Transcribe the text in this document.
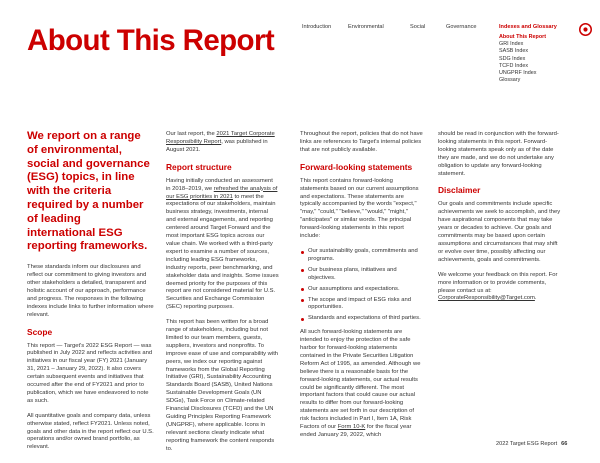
About This Report	Introduction	Environmental	Social	Governance	Indexes and Glossary
About This Report
GRI Index
SASB Index
SDG Index
TCFD Index
UNGPRF Index
Glossary
We report on a range of environmental, social and governance (ESG) topics, in line with the criteria required by a number of leading international ESG reporting frameworks.

These standards inform our disclosures and reflect our commitment to giving investors and other stakeholders a detailed, transparent and holistic account of our approach, performance and progress. The responses in the following indexes include links to further information where relevant.

Scope

This report — Target's 2022 ESG Report — was published in July 2022 and reflects activities and initiatives in our fiscal year (FY) 2021 (January 31, 2021 – January 29, 2022). It also covers certain subsequent events and initiatives that occurred after the end of FY2021 and prior to publication, which we have endeavored to note as such.

All quantitative goals and company data, unless otherwise stated, reflect FY2021. Unless noted, goals and other data in the report reflect our U.S. operations and/or owned brand portfolio, as relevant.

Our last report, the 2021 Target Corporate Responsibility Report, was published in August 2021.

Report structure

Having initially conducted an assessment in 2018–2019, we refreshed the analysis of our ESG priorities in 2021 to meet the expectations of our stakeholders, maintain business strategy, investments, internal and external engagements, and reporting centered around Target Forward and the most important ESG topics across our value chain. We worked with a third-party expert to examine a number of sources, including leading ESG frameworks, industry reports, peer benchmarking, and stakeholder data and insights. Some issues deemed priority for the purposes of this report are not considered material for U.S. Securities and Exchange Commission (SEC) reporting purposes.

This report has been written for a broad range of stakeholders, including but not limited to our team members, guests, suppliers, investors and nonprofits. To improve ease of use and comparability with peers, we index our reporting against frameworks from the Global Reporting Initiative (GRI), Sustainability Accounting Standards Board (SASB), United Nations Sustainable Development Goals (UN SDGs), Task Force on Climate-related Financial Disclosures (TCFD) and the UN Guiding Principles Reporting Framework (UNGPRF), where applicable. Icons in relevant sections clearly indicate what reporting framework the content responds to.

Throughout the report, policies that do not have links are references to Target's internal policies that are not publicly available.

Forward-looking statements

This report contains forward-looking statements based on our current assumptions and expectations. These statements are typically accompanied by the words "expect," "may," "could," "believe," "would," "might," "anticipates" or similar words. The principal forward-looking statements in this report include:

Our sustainability goals, commitments and programs.
Our business plans, initiatives and objectives.
Our assumptions and expectations.
The scope and impact of ESG risks and opportunities.
Standards and expectations of third parties.

All such forward-looking statements are intended to enjoy the protection of the safe harbor for forward-looking statements contained in the Private Securities Litigation Reform Act of 1995, as amended. Although we believe there is a reasonable basis for the forward-looking statements, our actual results could be significantly different. The most important factors that could cause our actual results to differ from our forward-looking statements are set forth in our description of risk factors included in Part I, Item 1A, Risk Factors of our Form 10-K for the fiscal year ended January 29, 2022, which

should be read in conjunction with the forward-looking statements in this report. Forward-looking statements speak only as of the date they are made, and we do not undertake any obligation to update any forward-looking statement.

Disclaimer

Our goals and commitments include specific achievements we seek to accomplish, and they have aspirational components that may take years or decades to achieve. Our goals and commitments may be based upon certain assumptions and circumstances that may shift or evolve over time, possibly affecting our achievements, goals and commitments.

We welcome your feedback on this report. For more information or to provide comments, please contact us at:
CorporateResponsibility@Target.com.

2022 Target ESG Report 66
